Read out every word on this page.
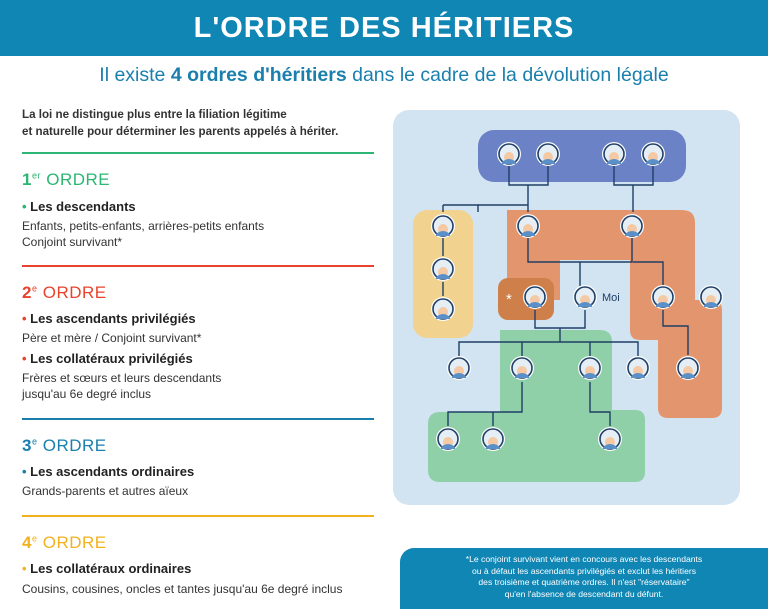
L'ORDRE DES HÉRITIERS
Il existe 4 ordres d'héritiers dans le cadre de la dévolution légale
La loi ne distingue plus entre la filiation légitime
et naturelle pour déterminer les parents appelés à hériter.
1er ORDRE
• Les descendants
Enfants, petits-enfants, arrières-petits enfants
Conjoint survivant*
2e ORDRE
• Les ascendants privilégiés
Père et mère / Conjoint survivant*
• Les collatéraux privilégiés
Frères et sœurs et leurs descendants
jusqu'au 6e degré inclus
3e ORDRE
• Les ascendants ordinaires
Grands-parents et autres aïeux
4e ORDRE
• Les collatéraux ordinaires
Cousins, cousines, oncles et tantes jusqu'au 6e degré inclus
Moi
*
*Le conjoint survivant vient en concours avec les descendants
ou à défaut les ascendants privilégiés et exclut les héritiers
des troisième et quatrième ordres. Il n'est "réservataire"
qu'en l'absence de descendant du défunt.
